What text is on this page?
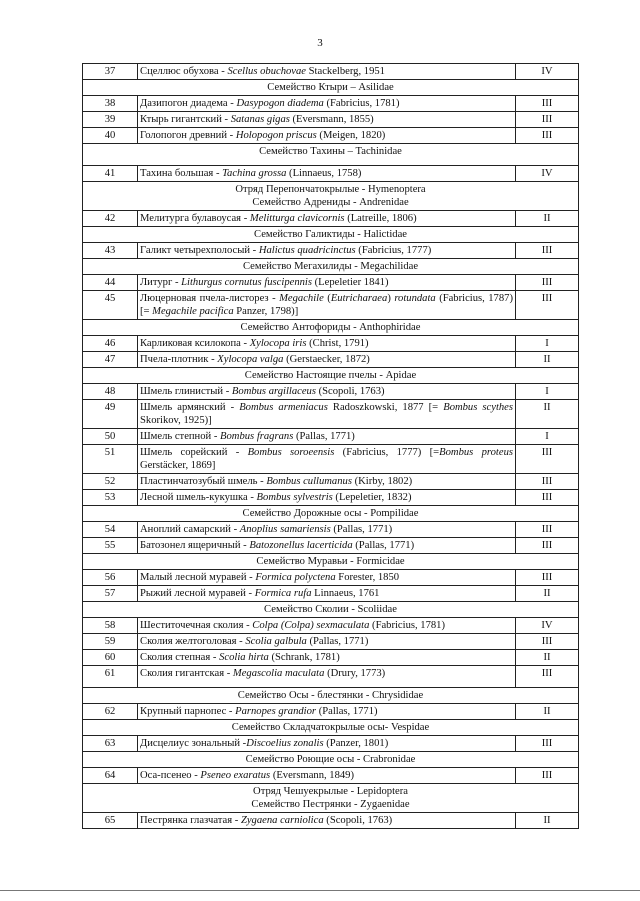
3
37	Сцеллюс обухова - Scellus obuchovae Stackelberg, 1951	IV
Семейство Ктыри – Asilidae		
38	Дазипогон диадема - Dasypogon diadema (Fabricius, 1781)	III
39	Ктырь гигантский - Satanas gigas (Eversmann, 1855)	III
40	Голопогон древний - Holopogon priscus (Meigen, 1820)	III
Семейство Тахины – Tachinidae		
41	Тахина большая - Tachina grossa (Linnaeus, 1758)	IV
Отряд Перепончатокрылые - Hymenoptera
Семейство Адрениды - Andrenidae		
42	Мелитурга булавоусая - Melitturga clavicornis (Latreille, 1806)	II
Семейство Галиктиды - Halictidae		
43	Галикт четырехполосый - Halictus quadricinctus (Fabricius, 1777)	III
Семейство Мегахилиды - Megachilidae		
44	Литург - Lithurgus cornutus fuscipennis (Lepeletier 1841)	III
45	Люцерновая пчела-листорез - Megachile (Eutricharaea) rotundata (Fabricius, 1787) [= Megachile pacifica Panzer, 1798)]	III
Семейство Антофориды - Anthophiridae		
46	Карликовая ксилокопа - Xylocopa iris (Christ, 1791)	I
47	Пчела-плотник - Xylocopa valga (Gerstaecker, 1872)	II
Семейство Настоящие пчелы - Apidae		
48	Шмель глинистый - Bombus argillaceus (Scopoli, 1763)	I
49	Шмель армянский - Bombus armeniacus Radoszkowski, 1877 [= Bombus scythes Skorikov, 1925)]	II
50	Шмель степной - Bombus fragrans (Pallas, 1771)	I
51	Шмель сорейский - Bombus soroeensis (Fabricius, 1777) [=Bombus proteus Gerstäcker, 1869]	III
52	Пластинчатозубый шмель - Bombus cullumanus (Kirby, 1802)	III
53	Лесной шмель-кукушка - Bombus sylvestris (Lepeletier, 1832)	III
Семейство Дорожные осы - Pompilidae		
54	Аноплий самарский - Anoplius samariensis (Pallas, 1771)	III
55	Батозонел ящеричный - Batozonellus lacerticida (Pallas, 1771)	III
Семейство Муравьи - Formicidae		
56	Малый лесной муравей - Formica polyctena Forester, 1850	III
57	Рыжий лесной муравей - Formica rufa Linnaeus, 1761	II
Семейство Сколии - Scoliidae		
58	Шеститочечная сколия - Colpa (Colpa) sexmaculata (Fabricius, 1781)	IV
59	Сколия желтоголовая - Scolia galbula (Pallas, 1771)	III
60	Сколия степная - Scolia hirta (Schrank, 1781)	II
61	Сколия гигантская - Megascolia maculata (Drury, 1773)	III
Семейство Осы - блестянки - Chrysididae		
62	Крупный парнопес - Parnopes grandior (Pallas, 1771)	II
Семейство Складчатокрылые осы- Vespidae		
63	Дисцелиус зональный -Discoelius zonalis (Panzer, 1801)	III
Семейство Роющие осы - Crabronidae		
64	Оса-псенео - Pseneo exaratus (Eversmann, 1849)	III
Отряд Чешуекрылые - Lepidoptera
Семейство Пестрянки - Zygaenidae		
65	Пестрянка глазчатая - Zygaena carniolica (Scopoli, 1763)	II
